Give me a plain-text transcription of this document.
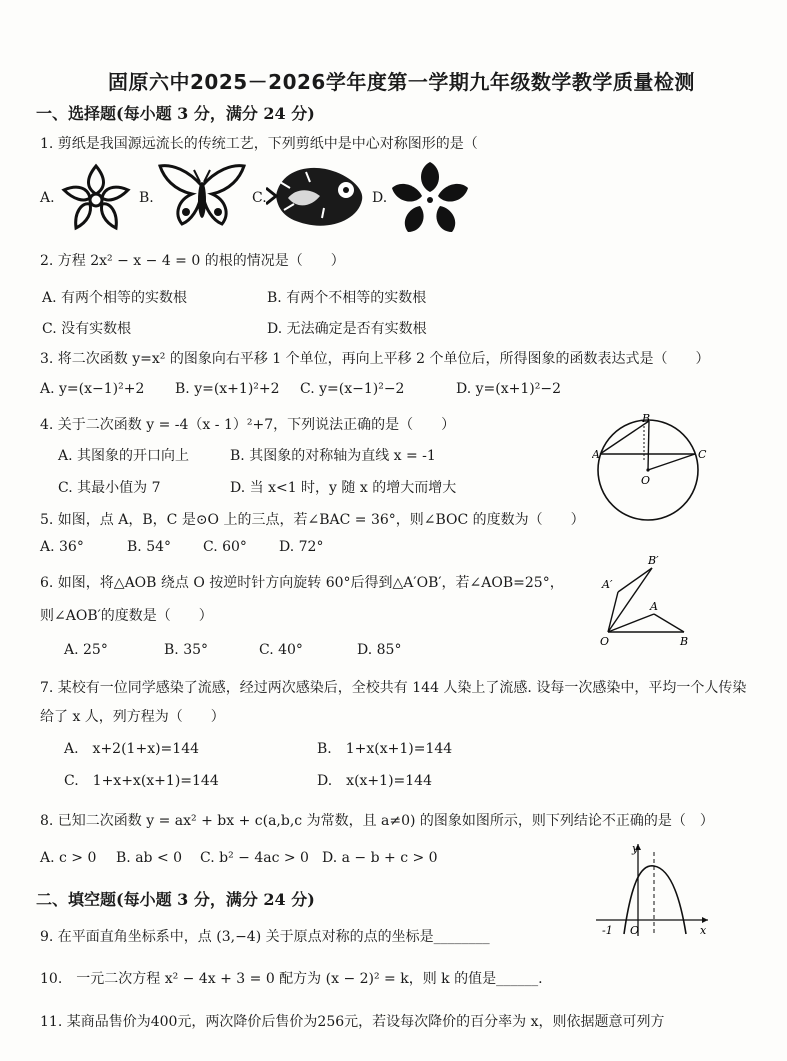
固原六中2025－2026学年度第一学期九年级数学教学质量检测
一、选择题(每小题 3 分，满分 24 分)
1. 剪纸是我国源远流长的传统工艺，下列剪纸中是中心对称图形的是（
A.	B.	C.	D.
2. 方程 2x² − x − 4 = 0 的根的情况是（　　）
A. 有两个相等的实数根	B. 有两个不相等的实数根
C. 没有实数根	D. 无法确定是否有实数根
3. 将二次函数 y=x² 的图象向右平移 1 个单位，再向上平移 2 个单位后，所得图象的函数表达式是（　　）
A. y=(x−1)²+2 B. y=(x+1)²+2 C. y=(x−1)²−2	D. y=(x+1)²−2
4. 关于二次函数 y = -4（x - 1）²+7，下列说法正确的是（　　）
A. 其图象的开口向上	B. 其图象的对称轴为直线 x = -1
C. 其最小值为 7	D. 当 x<1 时，y 随 x 的增大而增大
B
A	C
O
5. 如图，点 A，B，C 是⊙O 上的三点，若∠BAC = 36°，则∠BOC 的度数为（　　）
A. 36°	B. 54° C. 60° D. 72°
B′
A′
A
B
O
6. 如图，将△AOB 绕点 O 按逆时针方向旋转 60°后得到△A′OB′，若∠AOB=25°，
则∠AOB′的度数是（　　）
A. 25°	B. 35°	C. 40°	D. 85°
7. 某校有一位同学感染了流感，经过两次感染后，全校共有 144 人染上了流感. 设每一次感染中，平均一个人传染
给了 x 人，列方程为（　　）
A.　x+2(1+x)=144	B.　1+x(x+1)=144
C.　1+x+x(x+1)=144	D.　x(x+1)=144
8. 已知二次函数 y = ax² + bx + c(a,b,c 为常数，且 a≠0) 的图象如图所示，则下列结论不正确的是（　）
A. c > 0 B. ab < 0 C. b² − 4ac > 0 D. a − b + c > 0
y
x
-1 O
二、填空题(每小题 3 分，满分 24 分)
9. 在平面直角坐标系中，点 (3,−4) 关于原点对称的点的坐标是________
10.　一元二次方程 x² − 4x + 3 = 0 配方为 (x − 2)² = k，则 k 的值是______.
11. 某商品售价为400元，两次降价后售价为256元，若设每次降价的百分率为 x，则依据题意可列方
